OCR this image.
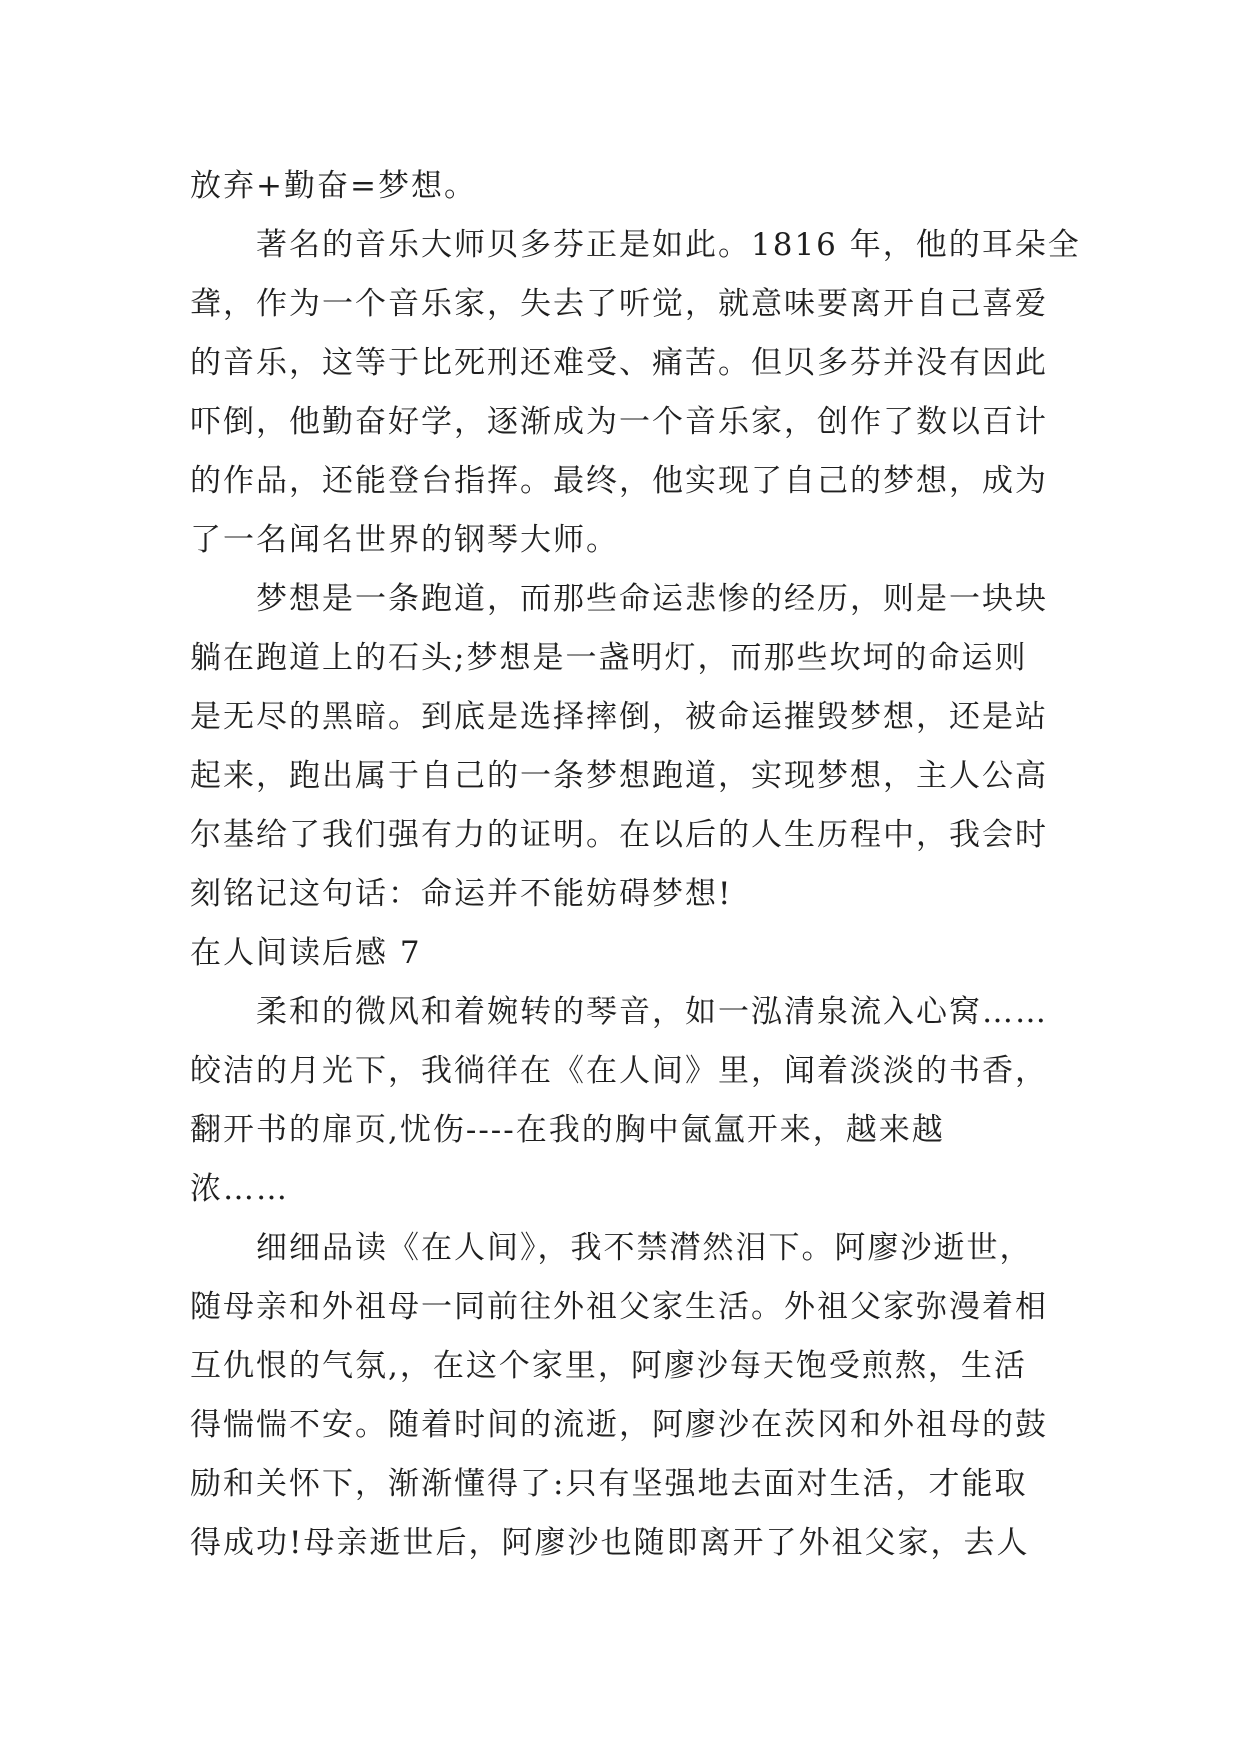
放弃+勤奋=梦想。
著名的音乐大师贝多芬正是如此。1816 年，他的耳朵全
聋，作为一个音乐家，失去了听觉，就意味要离开自己喜爱
的音乐，这等于比死刑还难受、痛苦。但贝多芬并没有因此
吓倒，他勤奋好学，逐渐成为一个音乐家，创作了数以百计
的作品，还能登台指挥。最终，他实现了自己的梦想，成为
了一名闻名世界的钢琴大师。
梦想是一条跑道，而那些命运悲惨的经历，则是一块块
躺在跑道上的石头;梦想是一盏明灯，而那些坎坷的命运则
是无尽的黑暗。到底是选择摔倒，被命运摧毁梦想，还是站
起来，跑出属于自己的一条梦想跑道，实现梦想，主人公高
尔基给了我们强有力的证明。在以后的人生历程中，我会时
刻铭记这句话：命运并不能妨碍梦想!
在人间读后感 7
柔和的微风和着婉转的琴音，如一泓清泉流入心窝……
皎洁的月光下，我徜徉在《在人间》里，闻着淡淡的书香，
翻开书的扉页,忧伤----在我的胸中氤氲开来，越来越
浓……
细细品读《在人间》，我不禁潸然泪下。阿廖沙逝世，
随母亲和外祖母一同前往外祖父家生活。外祖父家弥漫着相
互仇恨的气氛,，在这个家里，阿廖沙每天饱受煎熬，生活
得惴惴不安。随着时间的流逝，阿廖沙在茨冈和外祖母的鼓
励和关怀下，渐渐懂得了:只有坚强地去面对生活，才能取
得成功!母亲逝世后，阿廖沙也随即离开了外祖父家，去人
